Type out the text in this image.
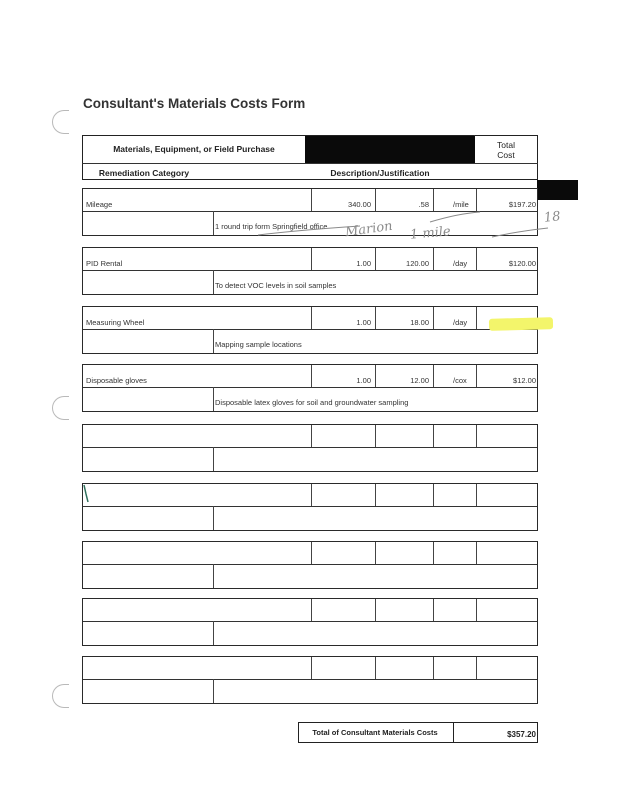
Consultant's Materials Costs Form
Materials, Equipment, or Field Purchase	Total
Cost
Remediation Category	Description/Justification
Mileage	340.00	.58	/mile	$197.20
1 round trip form Springfield office
PID Rental	1.00	120.00	/day	$120.00
To detect VOC levels in soil samples
Measuring Wheel	1.00	18.00	/day
Mapping sample locations
Disposable gloves	1.00	12.00	/cox	$12.00
Disposable latex gloves for soil and groundwater sampling
Marion 1 mile
18
Total of Consultant Materials Costs	$357.20
